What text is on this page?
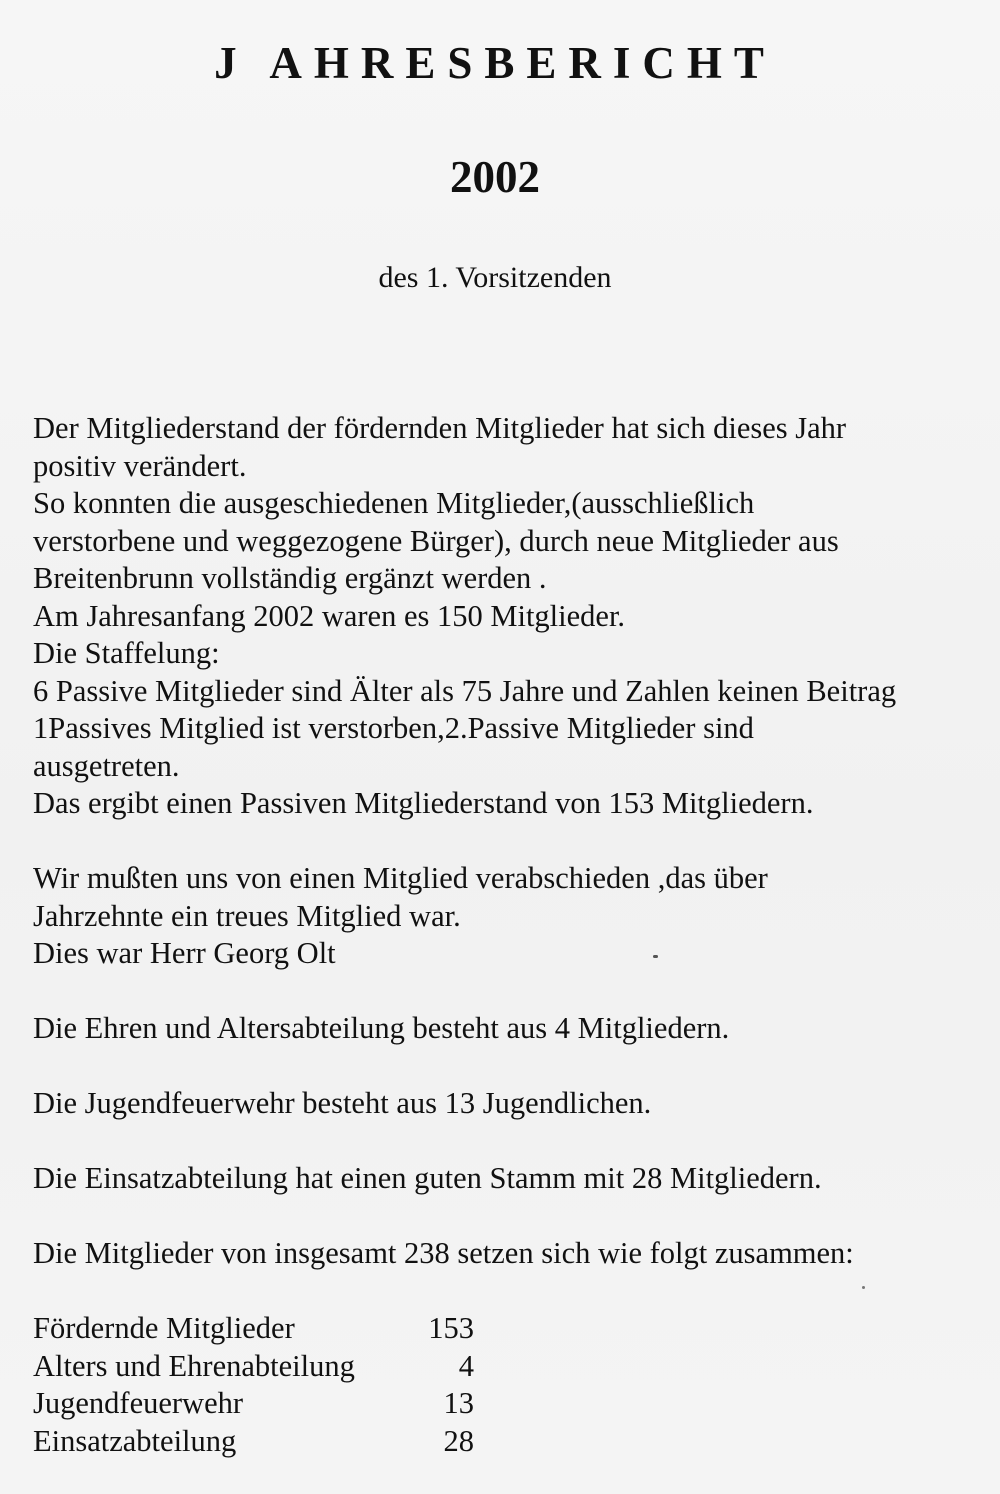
J AHRESBERICHT
2002
des 1. Vorsitzenden
Der Mitgliederstand der fördernden Mitglieder hat sich dieses Jahr
positiv verändert.
So konnten die ausgeschiedenen Mitglieder,(ausschließlich
verstorbene und weggezogene Bürger), durch neue Mitglieder aus
Breitenbrunn vollständig ergänzt werden .
Am Jahresanfang 2002 waren es 150 Mitglieder.
Die Staffelung:
6 Passive Mitglieder sind Älter als 75 Jahre und Zahlen keinen Beitrag
1Passives Mitglied ist verstorben,2.Passive Mitglieder sind
ausgetreten.
Das ergibt einen Passiven Mitgliederstand von 153 Mitgliedern.
Wir mußten uns von einen Mitglied verabschieden ,das über
Jahrzehnte ein treues Mitglied war.
Dies war Herr Georg Olt
Die Ehren und Altersabteilung besteht aus 4 Mitgliedern.
Die Jugendfeuerwehr besteht aus 13 Jugendlichen.
Die Einsatzabteilung hat einen guten Stamm mit 28 Mitgliedern.
Die Mitglieder von insgesamt 238 setzen sich wie folgt zusammen:
Fördernde Mitglieder	153
Alters und Ehrenabteilung	4
Jugendfeuerwehr	13
Einsatzabteilung	28
